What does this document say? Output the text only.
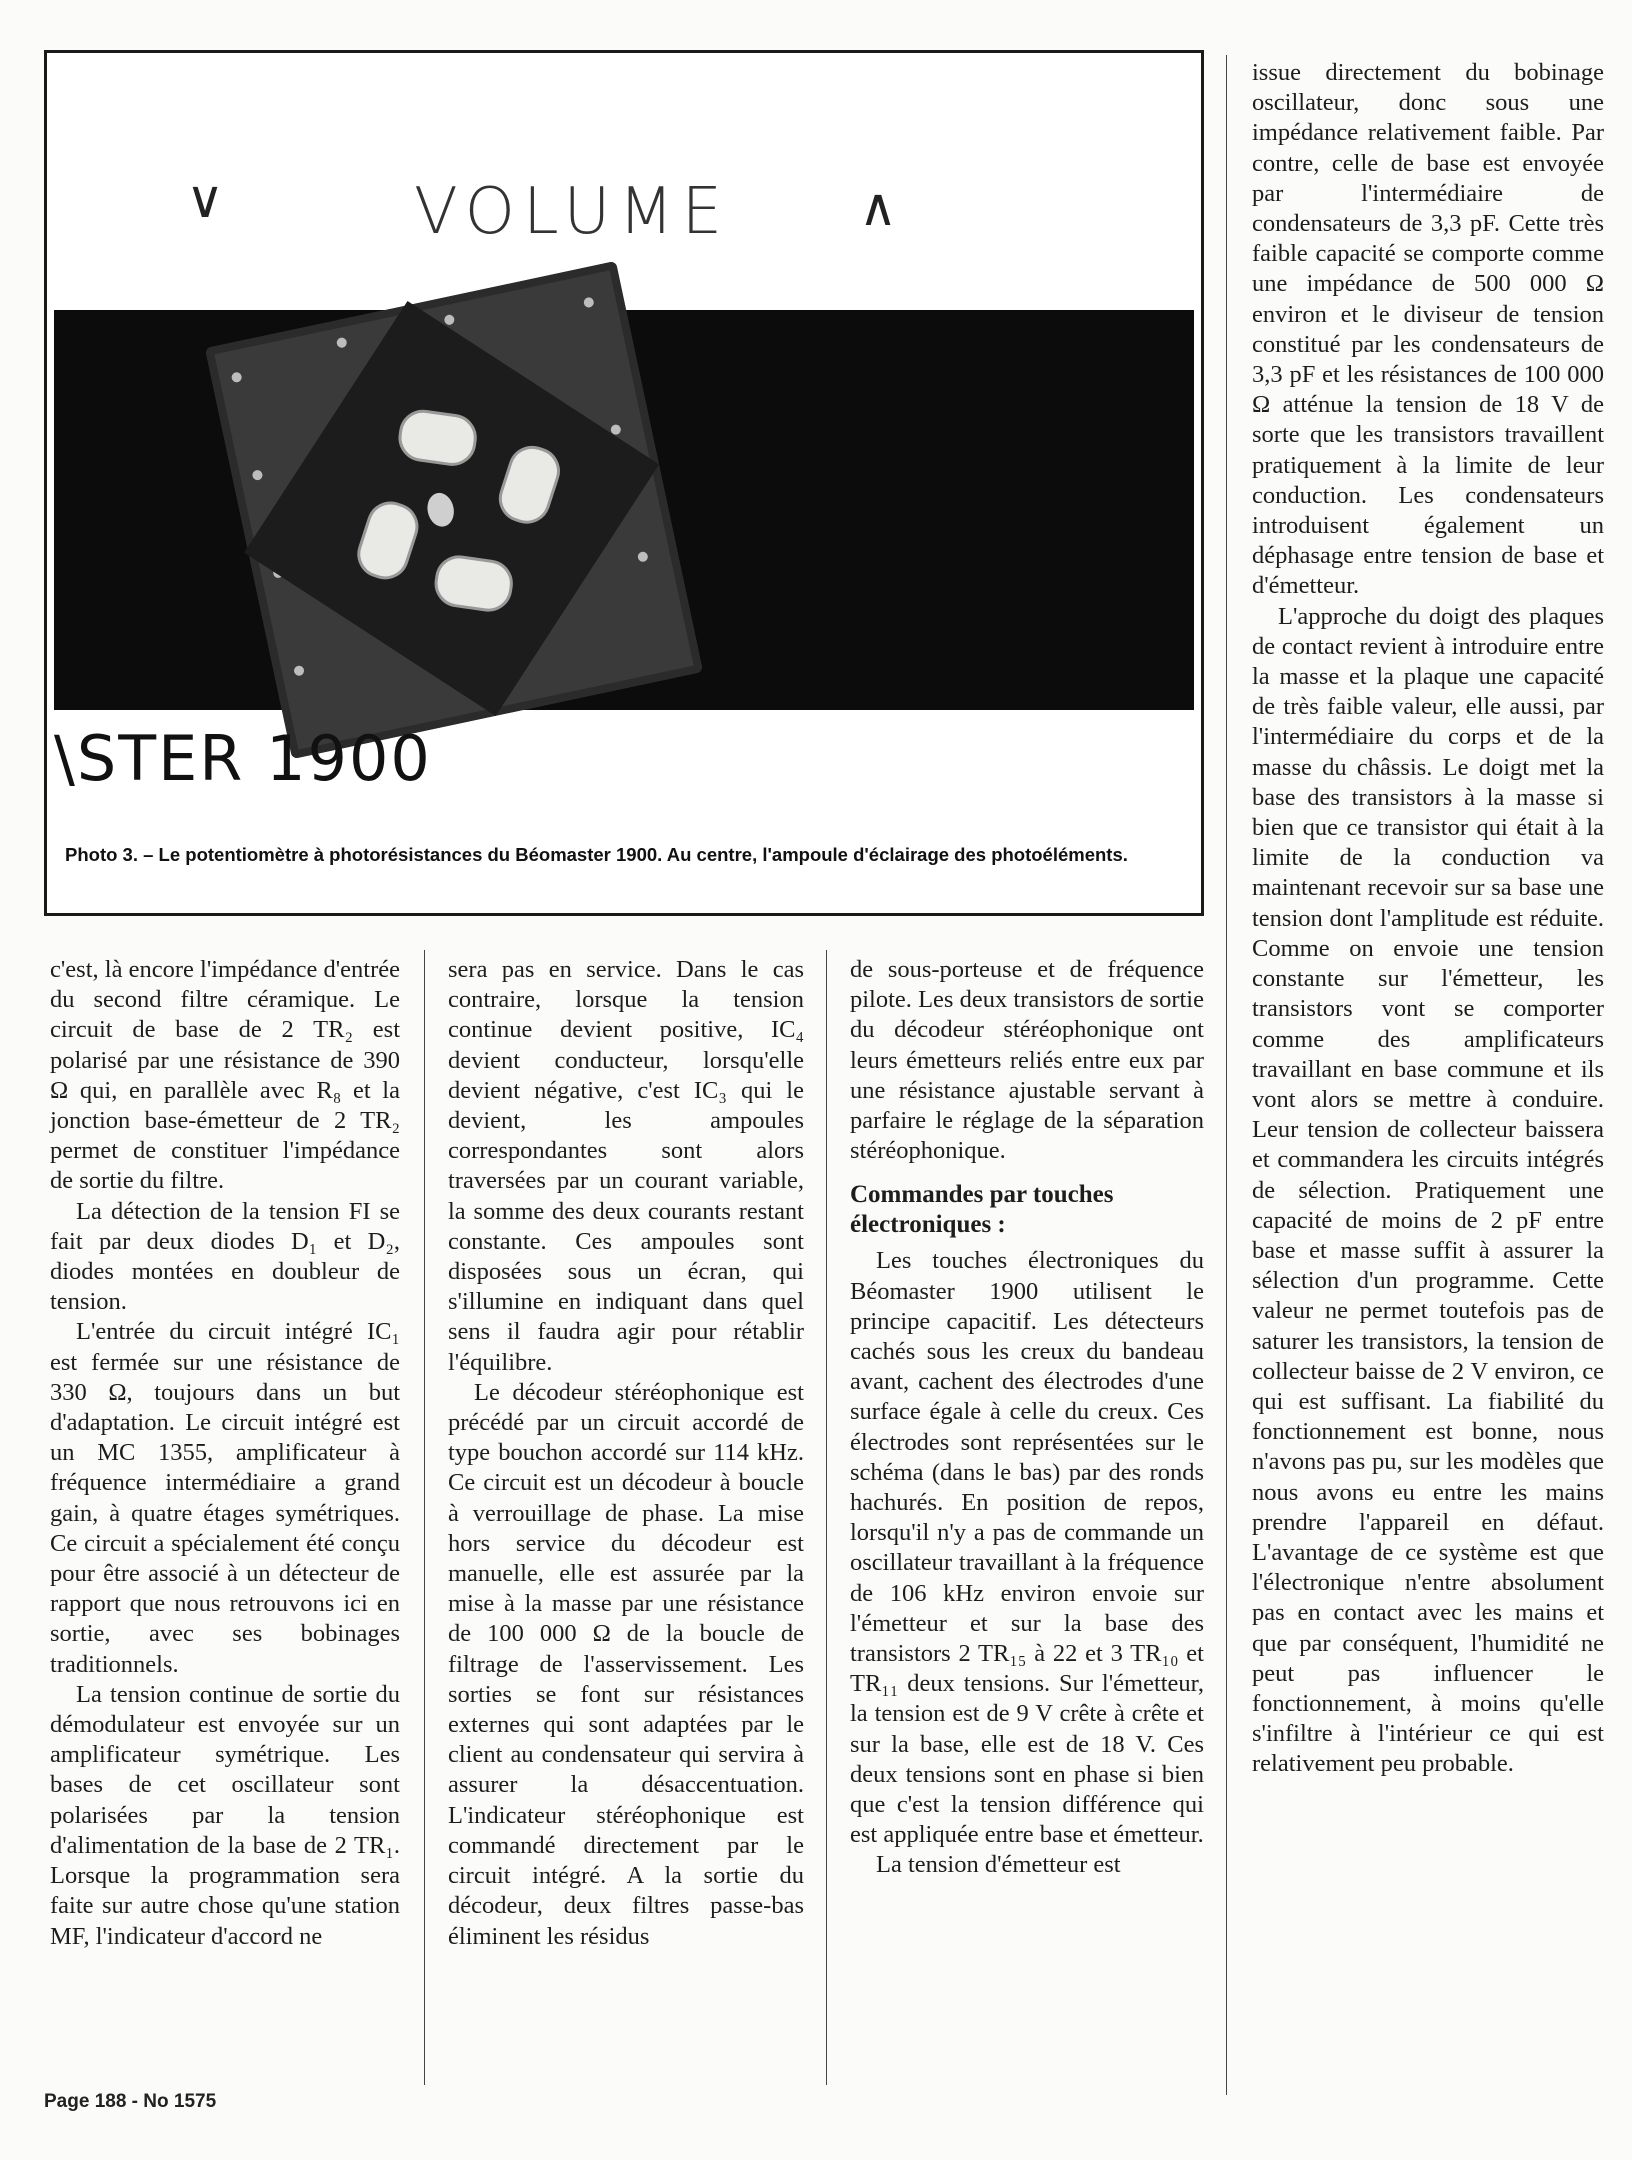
∨	VOLUME ∧
\STER 1900
Photo 3. – Le potentiomètre à photorésistances du Béomaster 1900. Au centre, l'ampoule d'éclairage des photoéléments.

c'est, là encore l'impédance d'entrée du second filtre céramique. Le circuit de base de 2 TR₂ est polarisé par une résistance de 390 Ω qui, en parallèle avec R₈ et la jonction base-émetteur de 2 TR₂ permet de constituer l'impédance de sortie du filtre.

La détection de la tension FI se fait par deux diodes D₁ et D₂, diodes montées en doubleur de tension.

L'entrée du circuit intégré IC₁ est fermée sur une résistance de 330 Ω, toujours dans un but d'adaptation. Le circuit intégré est un MC 1355, amplificateur à fréquence intermédiaire a grand gain, à quatre étages symétriques. Ce circuit a spécialement été conçu pour être associé à un détecteur de rapport que nous retrouvons ici en sortie, avec ses bobinages traditionnels.

La tension continue de sortie du démodulateur est envoyée sur un amplificateur symétrique. Les bases de cet oscillateur sont polarisées par la tension d'alimentation de la base de 2 TR₁. Lorsque la programmation sera faite sur autre chose qu'une station MF, l'indicateur d'accord ne

sera pas en service. Dans le cas contraire, lorsque la tension continue devient positive, IC₄ devient conducteur, lorsqu'elle devient négative, c'est IC₃ qui le devient, les ampoules correspondantes sont alors traversées par un courant variable, la somme des deux courants restant constante. Ces ampoules sont disposées sous un écran, qui s'illumine en indiquant dans quel sens il faudra agir pour rétablir l'équilibre.

Le décodeur stéréophonique est précédé par un circuit accordé de type bouchon accordé sur 114 kHz. Ce circuit est un décodeur à boucle à verrouillage de phase. La mise hors service du décodeur est manuelle, elle est assurée par la mise à la masse par une résistance de 100 000 Ω de la boucle de filtrage de l'asservissement. Les sorties se font sur résistances externes qui sont adaptées par le client au condensateur qui servira à assurer la désaccentuation. L'indicateur stéréophonique est commandé directement par le circuit intégré. A la sortie du décodeur, deux filtres passe-bas éliminent les résidus

de sous-porteuse et de fréquence pilote. Les deux transistors de sortie du décodeur stéréophonique ont leurs émetteurs reliés entre eux par une résistance ajustable servant à parfaire le réglage de la séparation stéréophonique.

Commandes par touches électroniques :

Les touches électroniques du Béomaster 1900 utilisent le principe capacitif. Les détecteurs cachés sous les creux du bandeau avant, cachent des électrodes d'une surface égale à celle du creux. Ces électrodes sont représentées sur le schéma (dans le bas) par des ronds hachurés. En position de repos, lorsqu'il n'y a pas de commande un oscillateur travaillant à la fréquence de 106 kHz environ envoie sur l'émetteur et sur la base des transistors 2 TR₁₅ à 22 et 3 TR₁₀ et TR₁₁ deux tensions. Sur l'émetteur, la tension est de 9 V crête à crête et sur la base, elle est de 18 V. Ces deux tensions sont en phase si bien que c'est la tension différence qui est appliquée entre base et émetteur.

La tension d'émetteur est

issue directement du bobinage oscillateur, donc sous une impédance relativement faible. Par contre, celle de base est envoyée par l'intermédiaire de condensateurs de 3,3 pF. Cette très faible capacité se comporte comme une impédance de 500 000 Ω environ et le diviseur de tension constitué par les condensateurs de 3,3 pF et les résistances de 100 000 Ω atténue la tension de 18 V de sorte que les transistors travaillent pratiquement à la limite de leur conduction. Les condensateurs introduisent également un déphasage entre tension de base et d'émetteur.

L'approche du doigt des plaques de contact revient à introduire entre la masse et la plaque une capacité de très faible valeur, elle aussi, par l'intermédiaire du corps et de la masse du châssis. Le doigt met la base des transistors à la masse si bien que ce transistor qui était à la limite de la conduction va maintenant recevoir sur sa base une tension dont l'amplitude est réduite. Comme on envoie une tension constante sur l'émetteur, les transistors vont se comporter comme des amplificateurs travaillant en base commune et ils vont alors se mettre à conduire. Leur tension de collecteur baissera et commandera les circuits intégrés de sélection. Pratiquement une capacité de moins de 2 pF entre base et masse suffit à assurer la sélection d'un programme. Cette valeur ne permet toutefois pas de saturer les transistors, la tension de collecteur baisse de 2 V environ, ce qui est suffisant. La fiabilité du fonctionnement est bonne, nous n'avons pas pu, sur les modèles que nous avons eu entre les mains prendre l'appareil en défaut. L'avantage de ce système est que l'électronique n'entre absolument pas en contact avec les mains et que par conséquent, l'humidité ne peut pas influencer le fonctionnement, à moins qu'elle s'infiltre à l'intérieur ce qui est relativement peu probable.

Page 188 - No 1575
